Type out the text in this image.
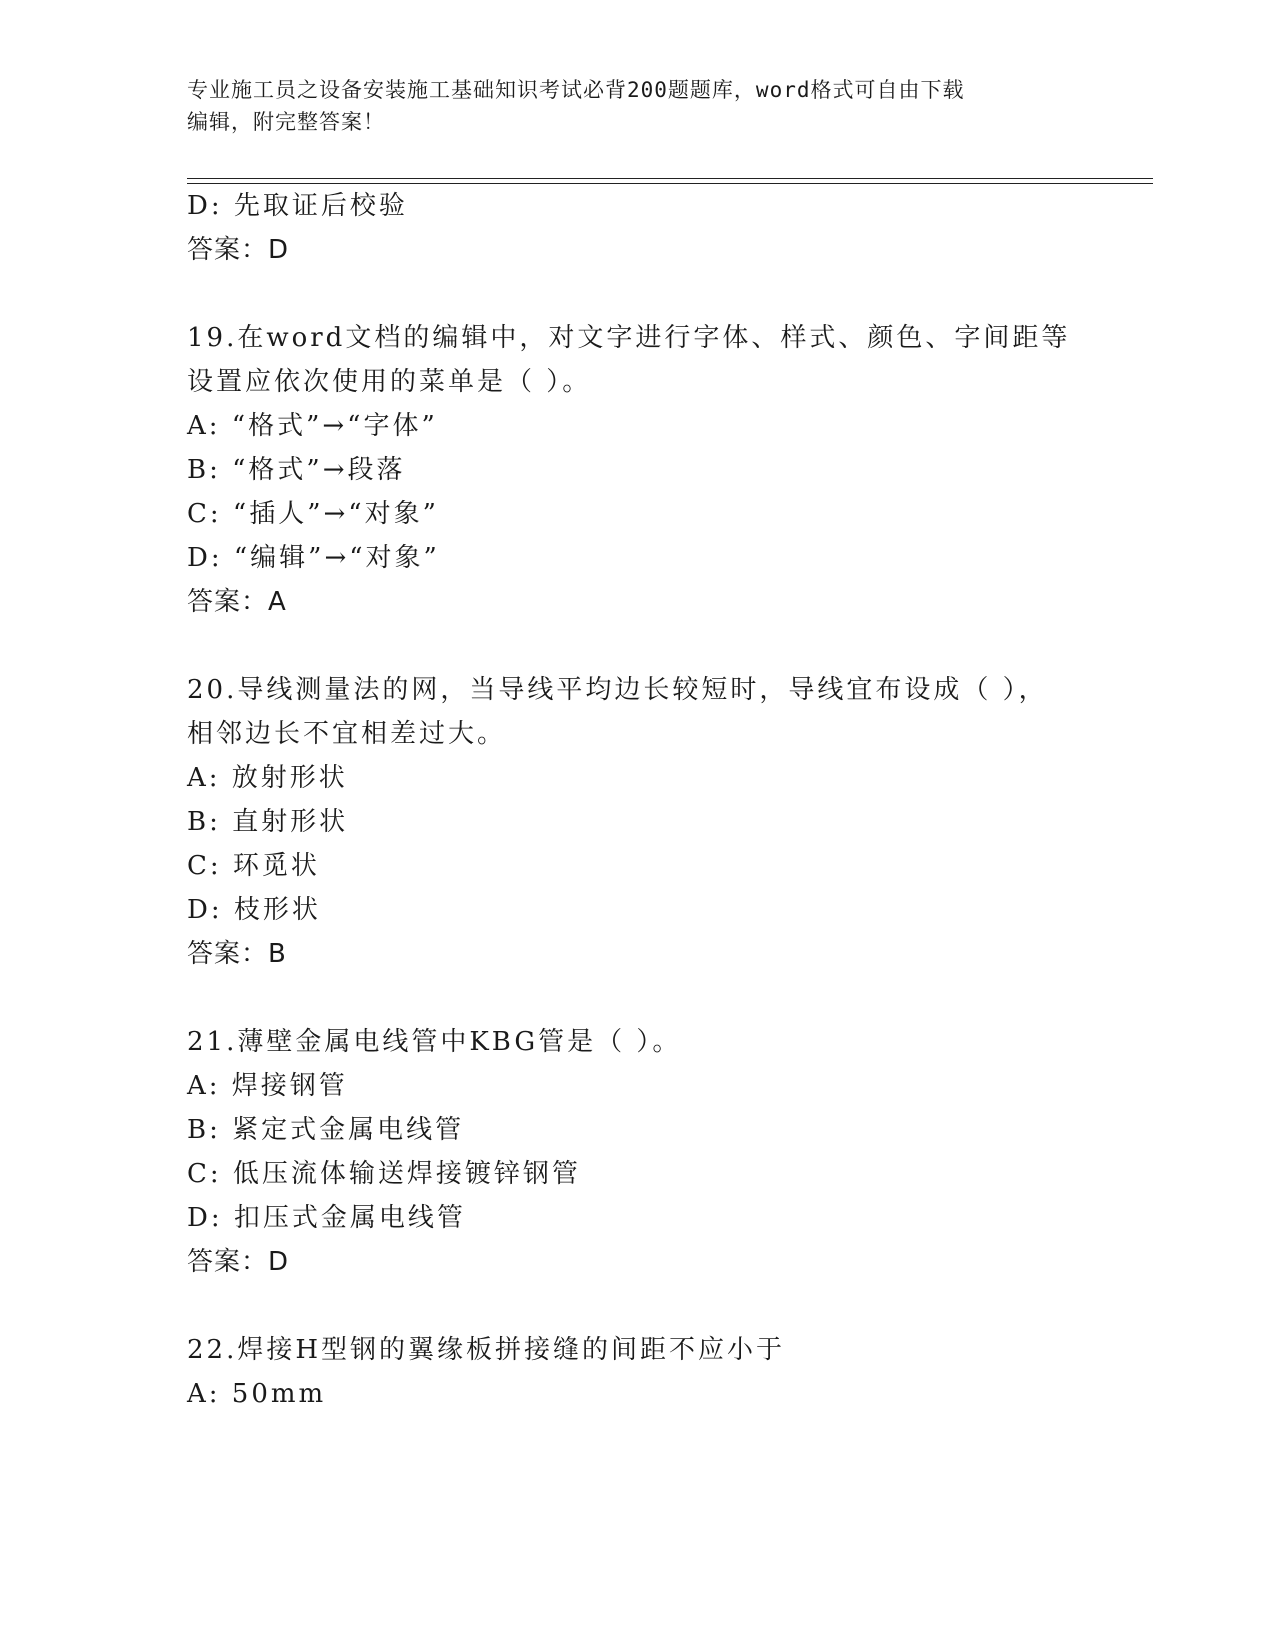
专业施工员之设备安装施工基础知识考试必背200题题库，word格式可自由下载
编辑，附完整答案！
D: 先取证后校验
答案：D
19.在word文档的编辑中，对文字进行字体、样式、颜色、字间距等
设置应依次使用的菜单是（ ）。
A: “格式”→“字体”
B: “格式”→段落
C: “插人”→“对象”
D: “编辑”→“对象”
答案：A
20.导线测量法的网，当导线平均边长较短时，导线宜布设成（ ），
相邻边长不宜相差过大。
A: 放射形状
B: 直射形状
C: 环觅状
D: 枝形状
答案：B
21.薄壁金属电线管中KBG管是（ ）。
A: 焊接钢管
B: 紧定式金属电线管
C: 低压流体输送焊接镀锌钢管
D: 扣压式金属电线管
答案：D
22.焊接H型钢的翼缘板拼接缝的间距不应小于
A: 50mm
